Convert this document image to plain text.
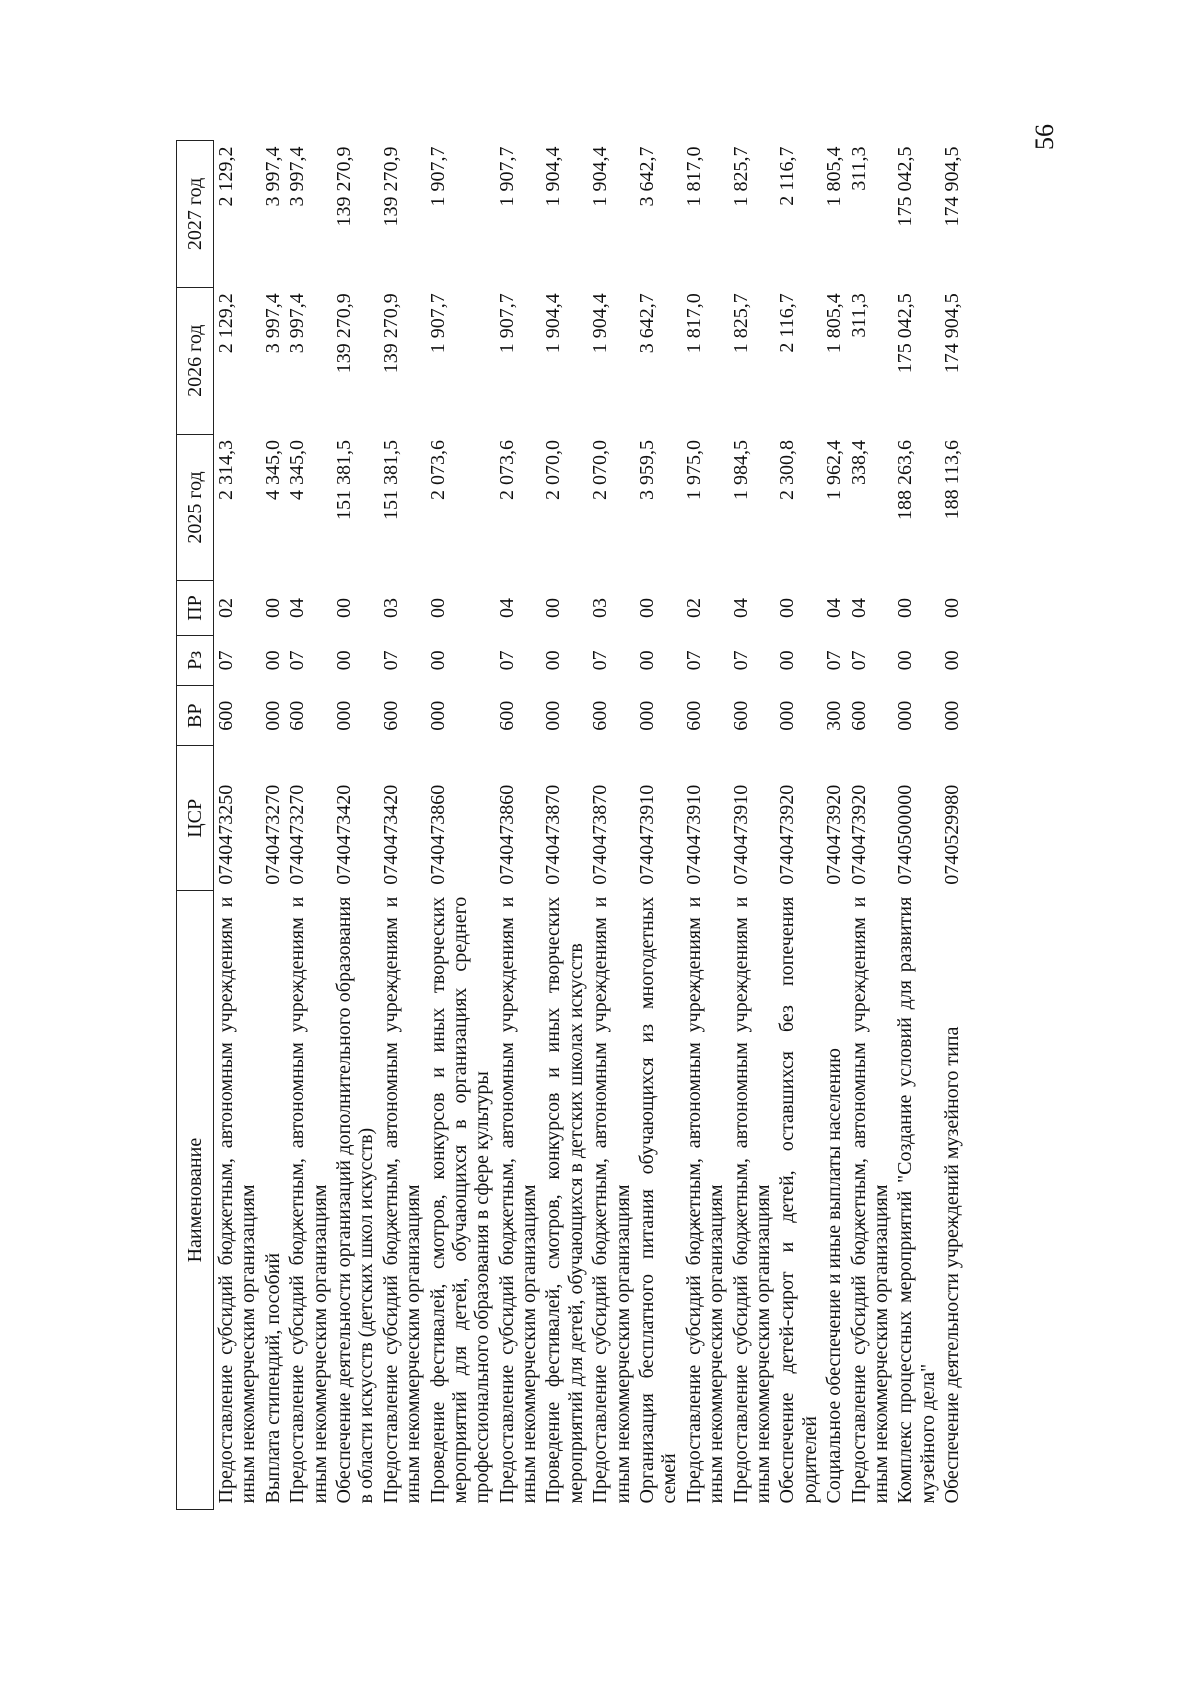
56
Наименование	ЦСР	ВР	Рз	ПР	2025 год	2026 год	2027 год
Предоставление субсидий бюджетным, автономным учреждениям и иным некоммерческим организациям	0740473250	600	07	02	2 314,3	2 129,2	2 129,2
Выплата стипендий, пособий	0740473270	000	00	00	4 345,0	3 997,4	3 997,4
Предоставление субсидий бюджетным, автономным учреждениям и иным некоммерческим организациям	0740473270	600	07	04	4 345,0	3 997,4	3 997,4
Обеспечение деятельности организаций дополнительного образования в области искусств (детских школ искусств)	0740473420	000	00	00	151 381,5	139 270,9	139 270,9
Предоставление субсидий бюджетным, автономным учреждениям и иным некоммерческим организациям	0740473420	600	07	03	151 381,5	139 270,9	139 270,9
Проведение фестивалей, смотров, конкурсов и иных творческих мероприятий для детей, обучающихся в организациях среднего профессионального образования в сфере культуры	0740473860	000	00	00	2 073,6	1 907,7	1 907,7
Предоставление субсидий бюджетным, автономным учреждениям и иным некоммерческим организациям	0740473860	600	07	04	2 073,6	1 907,7	1 907,7
Проведение фестивалей, смотров, конкурсов и иных творческих мероприятий для детей, обучающихся в детских школах искусств	0740473870	000	00	00	2 070,0	1 904,4	1 904,4
Предоставление субсидий бюджетным, автономным учреждениям и иным некоммерческим организациям	0740473870	600	07	03	2 070,0	1 904,4	1 904,4
Организация бесплатного питания обучающихся из многодетных семей	0740473910	000	00	00	3 959,5	3 642,7	3 642,7
Предоставление субсидий бюджетным, автономным учреждениям и иным некоммерческим организациям	0740473910	600	07	02	1 975,0	1 817,0	1 817,0
Предоставление субсидий бюджетным, автономным учреждениям и иным некоммерческим организациям	0740473910	600	07	04	1 984,5	1 825,7	1 825,7
Обеспечение детей-сирот и детей, оставшихся без попечения родителей	0740473920	000	00	00	2 300,8	2 116,7	2 116,7
Социальное обеспечение и иные выплаты населению	0740473920	300	07	04	1 962,4	1 805,4	1 805,4
Предоставление субсидий бюджетным, автономным учреждениям и иным некоммерческим организациям	0740473920	600	07	04	338,4	311,3	311,3
Комплекс процессных мероприятий "Создание условий для развития музейного дела"	0740500000	000	00	00	188 263,6	175 042,5	175 042,5
Обеспечение деятельности учреждений музейного типа	0740529980	000	00	00	188 113,6	174 904,5	174 904,5
